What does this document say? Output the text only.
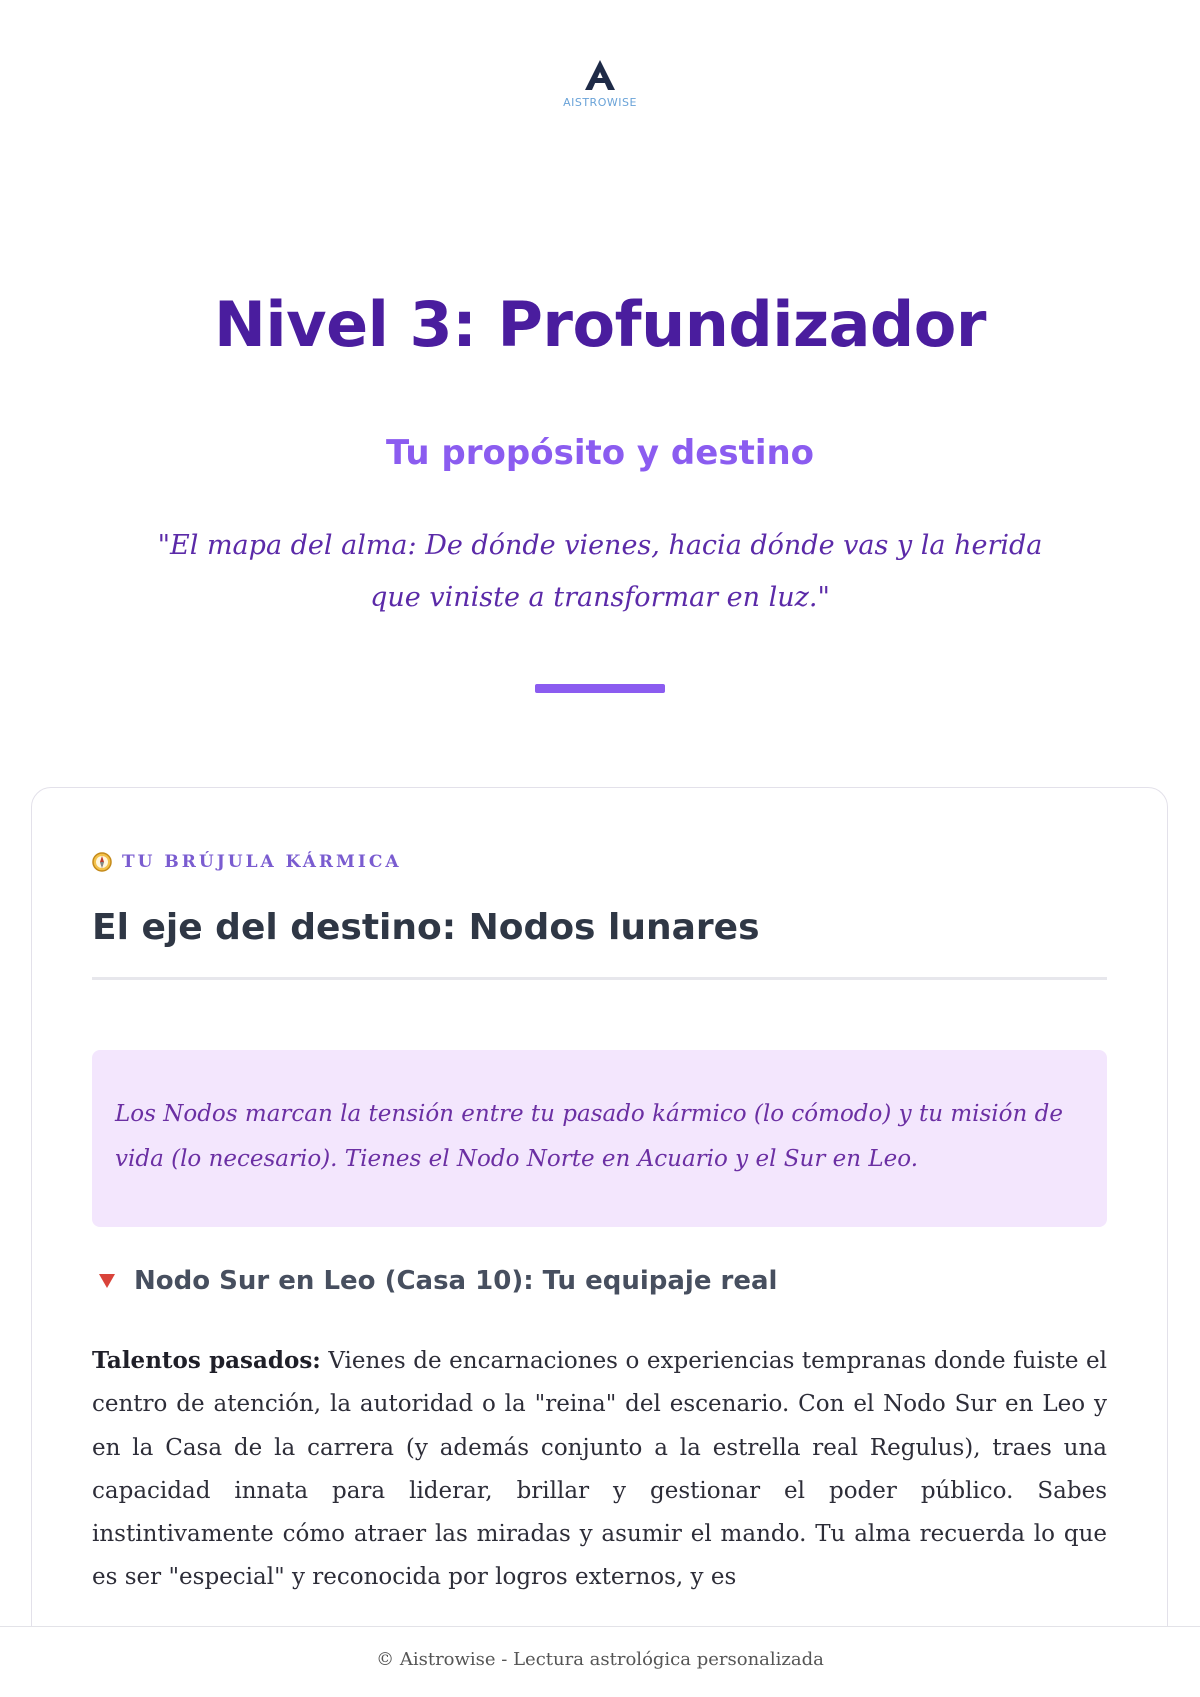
AISTROWISE
Nivel 3: Profundizador
Tu propósito y destino

"El mapa del alma: De dónde vienes, hacia dónde vas y la herida que viniste a transformar en luz."

TU BRÚJULA KÁRMICA
El eje del destino: Nodos lunares
Los Nodos marcan la tensión entre tu pasado kármico (lo cómodo) y tu misión de vida (lo necesario). Tienes el Nodo Norte en Acuario y el Sur en Leo.
Nodo Sur en Leo (Casa 10): Tu equipaje real

Talentos pasados: Vienes de encarnaciones o experiencias tempranas donde fuiste el centro de atención, la autoridad o la "reina" del escenario. Con el Nodo Sur en Leo y en la Casa de la carrera (y además conjunto a la estrella real Regulus), traes una capacidad innata para liderar, brillar y gestionar el poder público. Sabes instintivamente cómo atraer las miradas y asumir el mando. Tu alma recuerda lo que es ser "especial" y reconocida por logros externos, y es

© Aistrowise - Lectura astrológica personalizada
